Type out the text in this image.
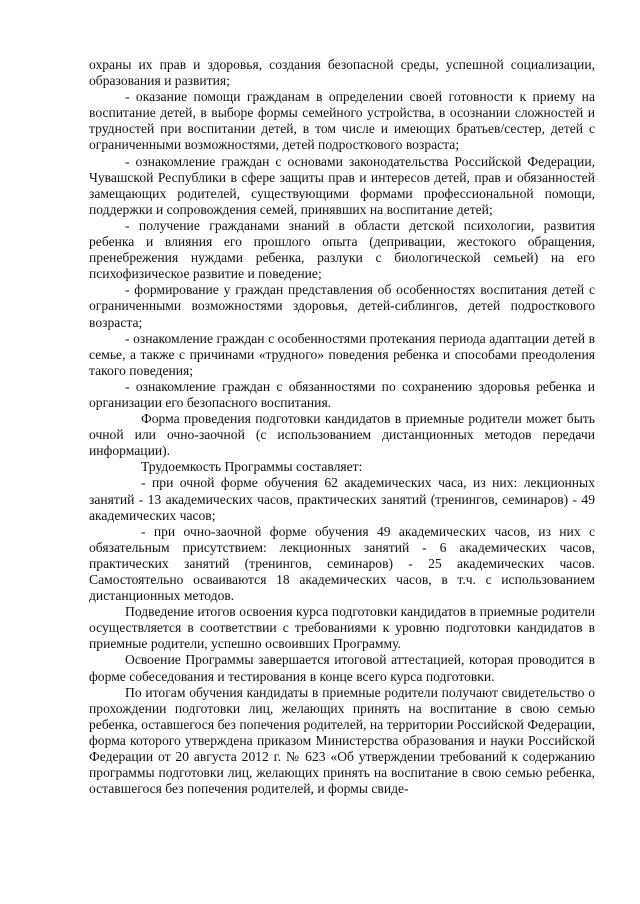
охраны их прав и здоровья, создания безопасной среды, успешной социализации, образования и развития;

- оказание помощи гражданам в определении своей готовности к приему на воспитание детей, в выборе формы семейного устройства, в осознании сложностей и трудностей при воспитании детей, в том числе и имеющих братьев/сестер, детей с ограниченными возможностями, детей подросткового возраста;

- ознакомление граждан с основами законодательства Российской Федерации, Чувашской Республики в сфере защиты прав и интересов детей, прав и обязанностей замещающих родителей, существующими формами профессиональной помощи, поддержки и сопровождения семей, принявших на воспитание детей;

- получение гражданами знаний в области детской психологии, развития ребенка и влияния его прошлого опыта (депривации, жестокого обращения, пренебрежения нуждами ребенка, разлуки с биологической семьей) на его психофизическое развитие и поведение;

- формирование у граждан представления об особенностях воспитания детей с ограниченными возможностями здоровья, детей-сиблингов, детей подросткового возраста;

- ознакомление граждан с особенностями протекания периода адаптации детей в семье, а также с причинами «трудного» поведения ребенка и способами преодоления такого поведения;

- ознакомление граждан с обязанностями по сохранению здоровья ребенка и организации его безопасного воспитания.

Форма проведения подготовки кандидатов в приемные родители может быть очной или очно-заочной (с использованием дистанционных методов передачи информации).

Трудоемкость Программы составляет:

- при очной форме обучения 62 академических часа, из них: лекционных занятий - 13 академических часов, практических занятий (тренингов, семинаров) - 49 академических часов;

- при очно-заочной форме обучения 49 академических часов, из них с обязательным присутствием: лекционных занятий - 6 академических часов, практических занятий (тренингов, семинаров) - 25 академических часов. Самостоятельно осваиваются 18 академических часов, в т.ч. с использованием дистанционных методов.

Подведение итогов освоения курса подготовки кандидатов в приемные родители осуществляется в соответствии с требованиями к уровню подготовки кандидатов в приемные родители, успешно освоивших Программу.

Освоение Программы завершается итоговой аттестацией, которая проводится в форме собеседования и тестирования в конце всего курса подготовки.

По итогам обучения кандидаты в приемные родители получают свидетельство о прохождении подготовки лиц, желающих принять на воспитание в свою семью ребенка, оставшегося без попечения родителей, на территории Российской Федерации, форма которого утверждена приказом Министерства образования и науки Российской Федерации от 20 августа 2012 г. № 623 «Об утверждении требований к содержанию программы подготовки лиц, желающих принять на воспитание в свою семью ребенка, оставшегося без попечения родителей, и формы свиде-
